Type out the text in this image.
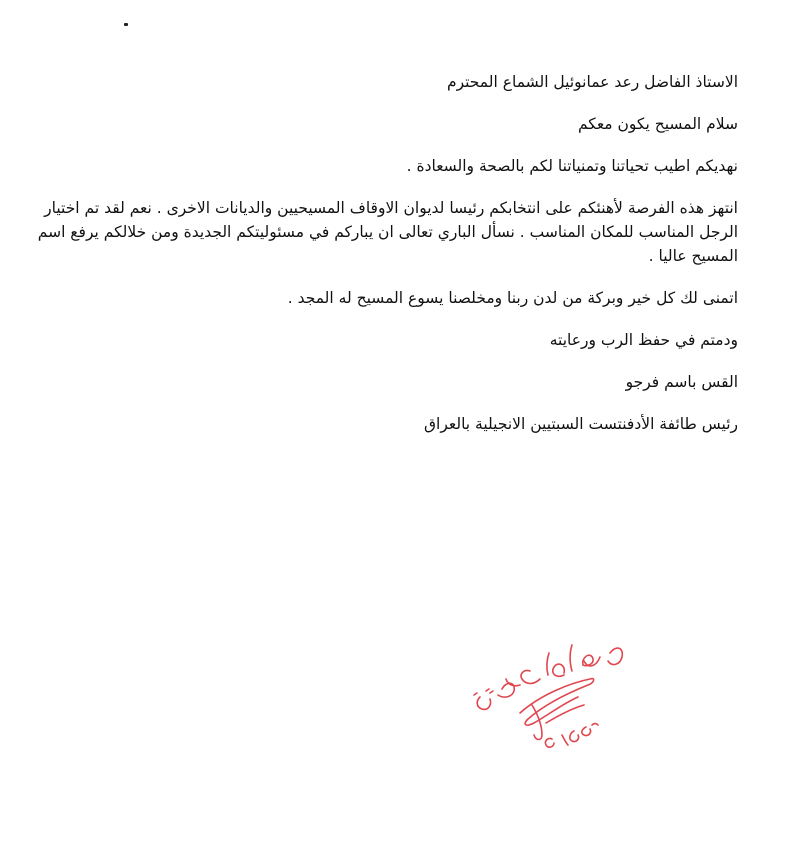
الاستاذ الفاضل رعد عمانوئيل الشماع المحترم
سلام المسيح يكون معكم
نهديكم اطيب تحياتنا وتمنياتنا لكم بالصحة والسعادة .
انتهز هذه الفرصة لأهنئكم على انتخابكم رئيسا لديوان الاوقاف المسيحيين والديانات الاخرى . نعم لقد تم اختيار
الرجل المناسب للمكان المناسب . نسأل الباري تعالى ان يباركم في مسئوليتكم الجديدة ومن خلالكم يرفع اسم
المسيح عاليا .
اتمنى لك كل خير وبركة من لدن ربنا ومخلصنا يسوع المسيح له المجد .
ودمتم في حفظ الرب ورعايته
القس باسم فرجو
رئيس طائفة الأدفنتست السبتيين الانجيلية بالعراق
